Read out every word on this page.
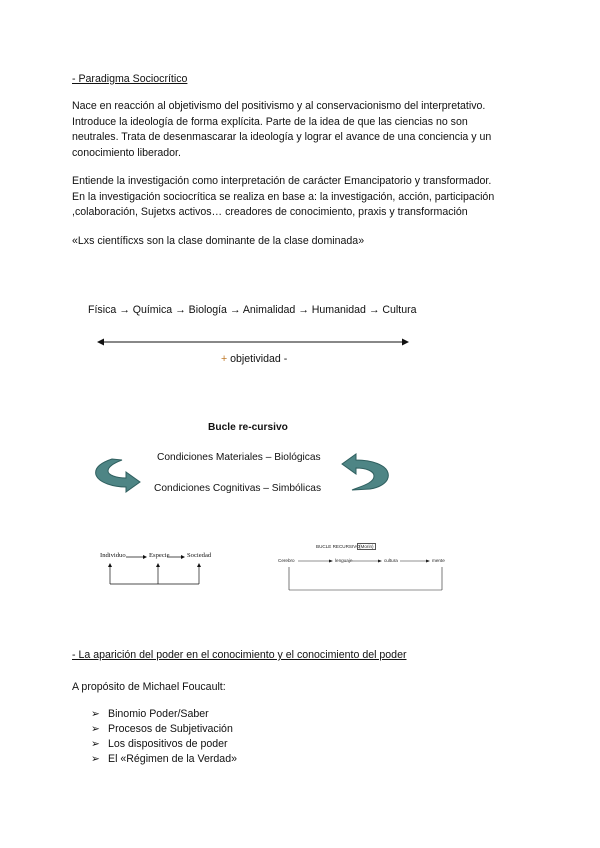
- Paradigma Sociocrítico
Nace en reacción al objetivismo del positivismo y al conservacionismo del interpretativo.
Introduce la ideología de forma explícita. Parte de la idea de que las ciencias no son
neutrales. Trata de desenmascarar la ideología y lograr el avance de una conciencia y un
conocimiento liberador.
Entiende la investigación como interpretación de carácter Emancipatorio y transformador.
En la investigación sociocrítica se realiza en base a: la investigación, acción, participación
,colaboración, Sujetxs activos… creadores de conocimiento, praxis y transformación
«Lxs científicxs son la clase dominante de la clase dominada»
Física → Química → Biología → Animalidad → Humanidad → Cultura
+ objetividad -
Bucle re-cursivo
Condiciones Materiales – Biológicas
Condiciones Cognitivas – Simbólicas
Individuo	Especie	Sociedad
BUCLE RECURSIVO (Morin)
Cerebro	lenguaje	cultura	mente
- La aparición del poder en el conocimiento y el conocimiento del poder
A propósito de Michael Foucault:
➢ Binomio Poder/Saber
➢ Procesos de Subjetivación
➢ Los dispositivos de poder
➢ El «Régimen de la Verdad»
